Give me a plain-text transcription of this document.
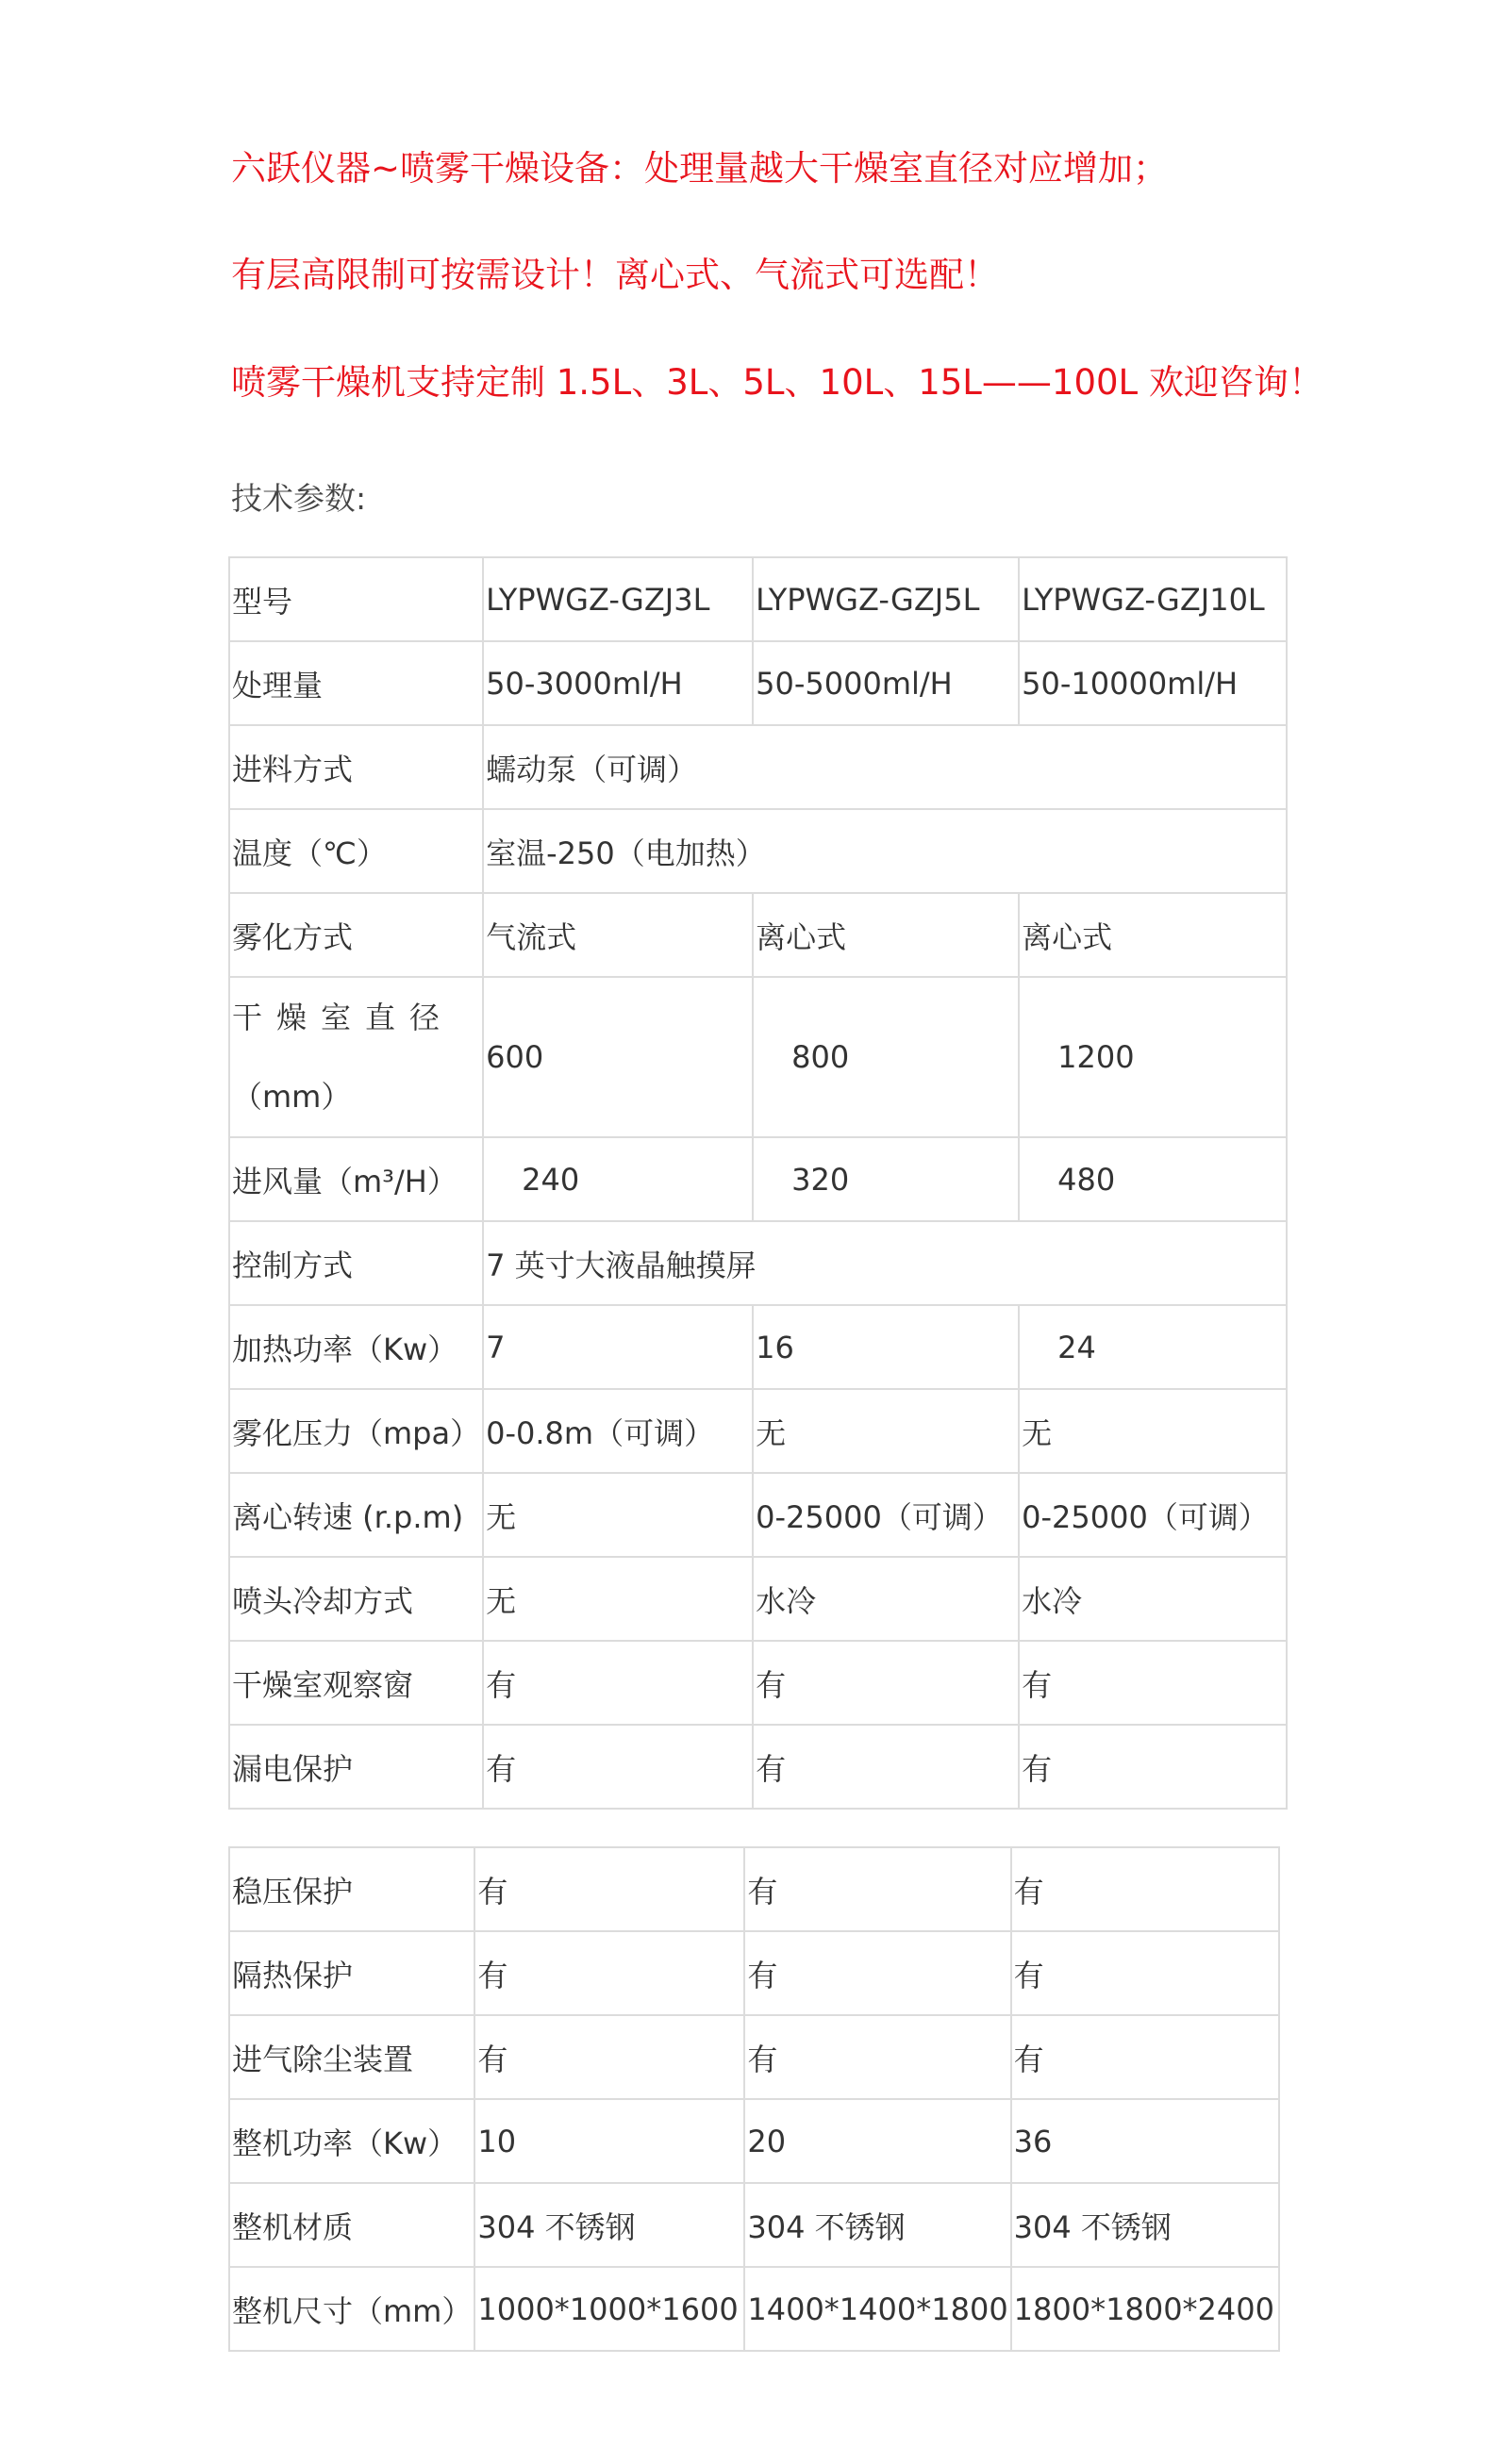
六跃仪器~喷雾干燥设备：处理量越大干燥室直径对应增加；
有层高限制可按需设计！离心式、气流式可选配！
喷雾干燥机支持定制 1.5L、3L、5L、10L、15L——100L 欢迎咨询！
技术参数:
型号	LYPWGZ-GZJ3L	LYPWGZ-GZJ5L	LYPWGZ-GZJ10L
处理量	50-3000ml/H	50-5000ml/H	50-10000ml/H
进料方式	蠕动泵（可调）		
温度（℃）	室温-250（电加热）		
雾化方式	气流式	离心式	离心式
干燥室直径
（mm）	600	800	1200
进风量（m³/H）	240	320	480
控制方式	7 英寸大液晶触摸屏		
加热功率（Kw）	7	16	24
雾化压力（mpa）	0-0.8m（可调）	无	无
离心转速 (r.p.m)	无	0-25000（可调）	0-25000（可调）
喷头冷却方式	无	水冷	水冷
干燥室观察窗	有	有	有
漏电保护	有	有	有
稳压保护	有	有	有
隔热保护	有	有	有
进气除尘装置	有	有	有
整机功率（Kw）	10	20	36
整机材质	304 不锈钢	304 不锈钢	304 不锈钢
整机尺寸（mm）	1000*1000*1600	1400*1400*1800	1800*1800*2400
